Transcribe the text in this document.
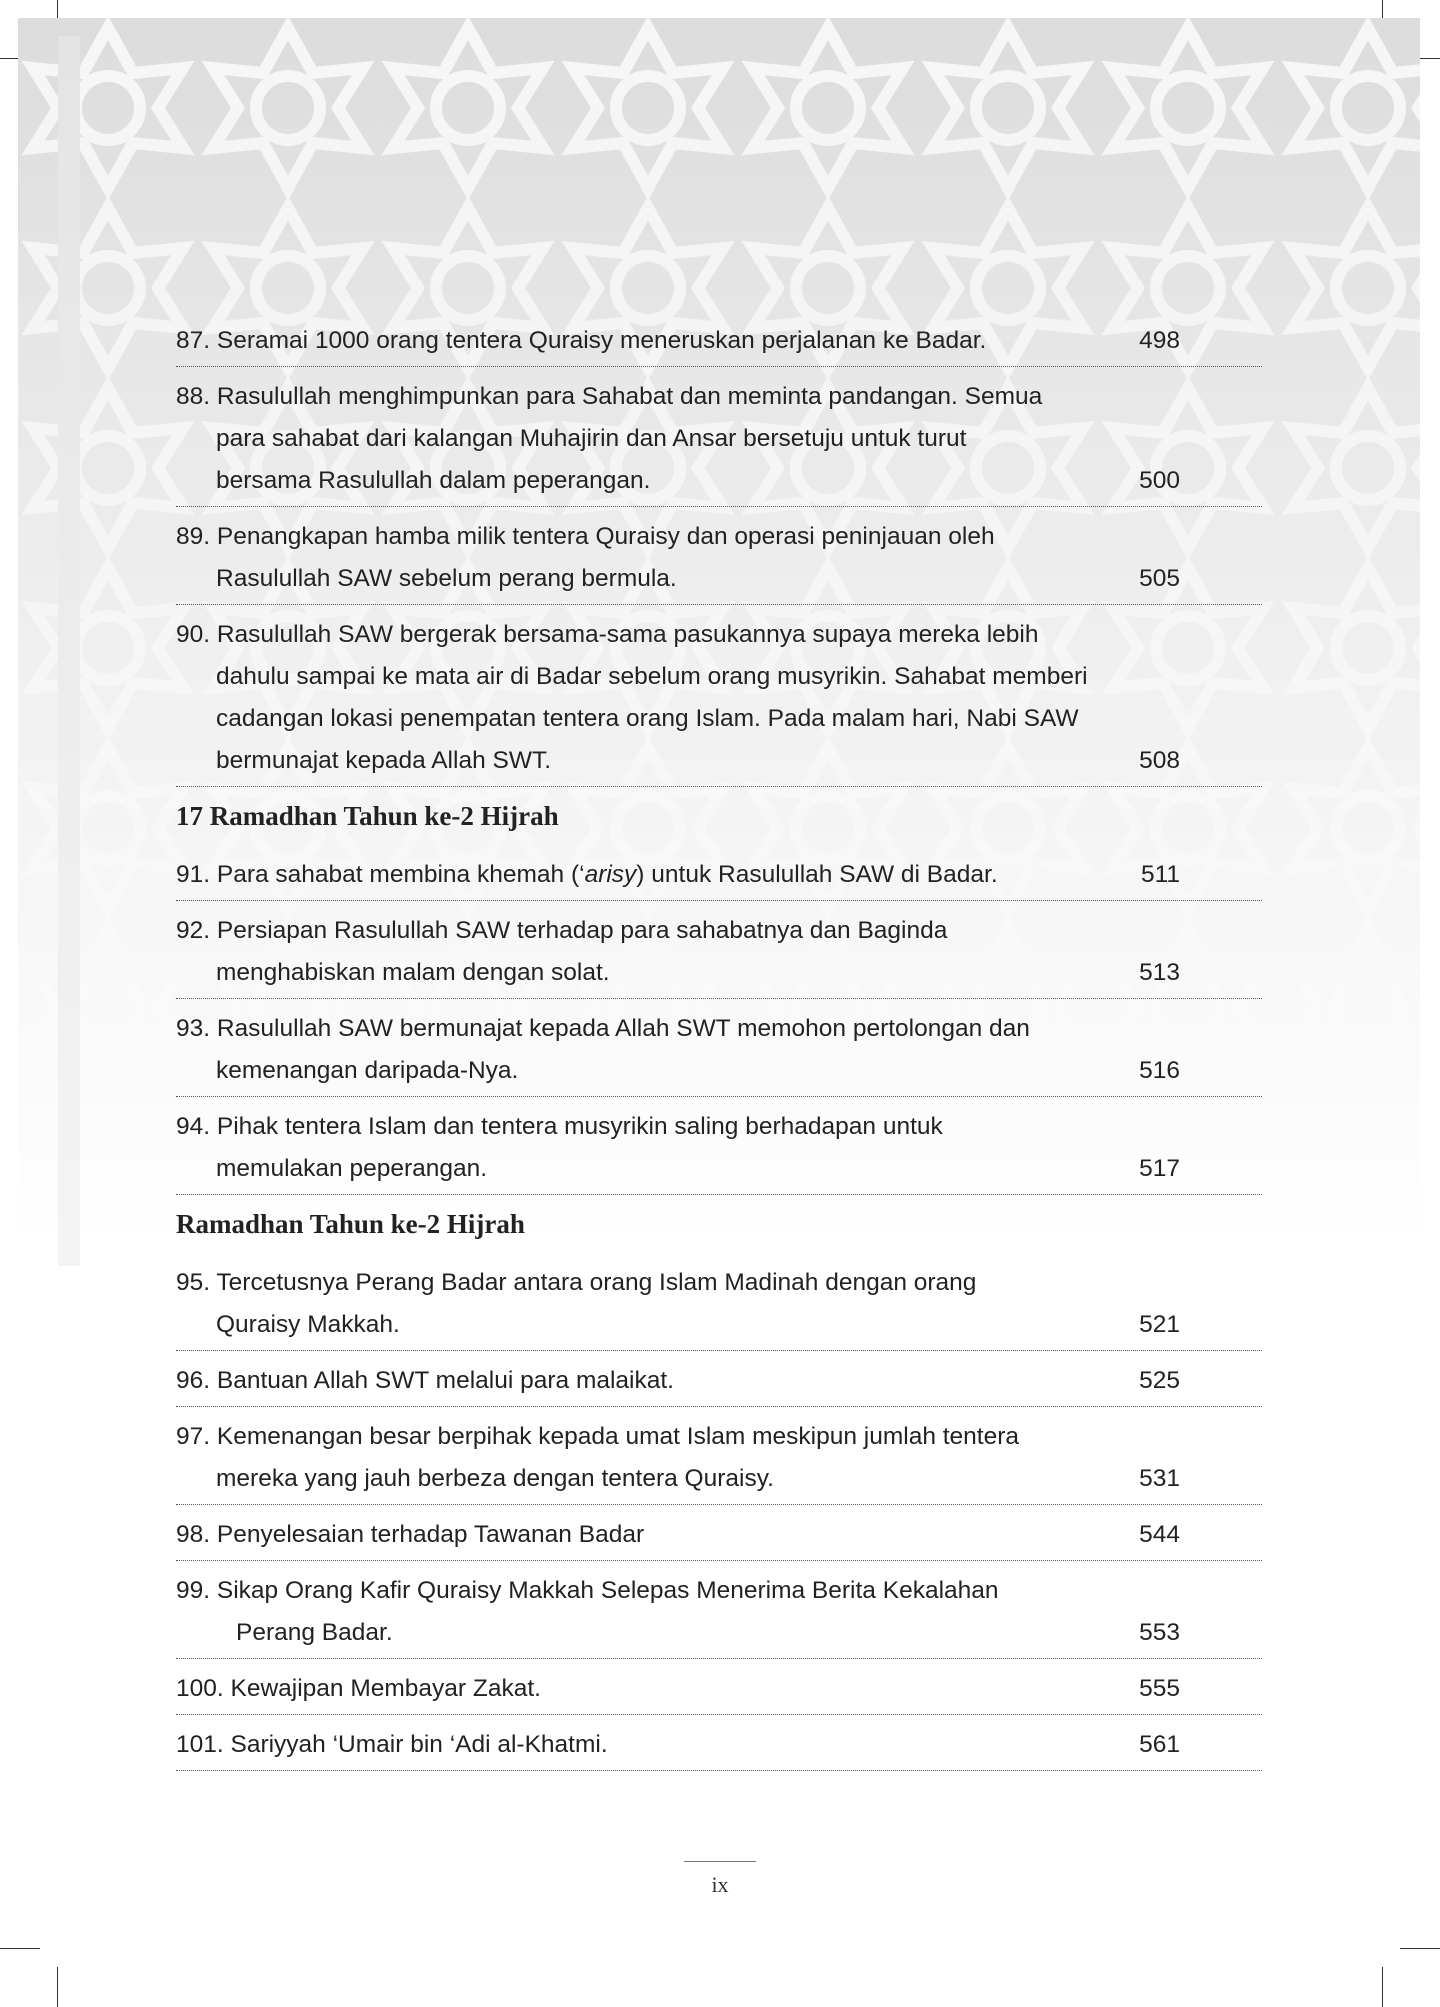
87. Seramai 1000 orang tentera Quraisy meneruskan perjalanan ke Badar.	498
88. Rasulullah menghimpunkan para Sahabat dan meminta pandangan. Semua
para sahabat dari kalangan Muhajirin dan Ansar bersetuju untuk turut
bersama Rasulullah dalam peperangan.	500
89. Penangkapan hamba milik tentera Quraisy dan operasi peninjauan oleh
Rasulullah SAW sebelum perang bermula.	505
90. Rasulullah SAW bergerak bersama-sama pasukannya supaya mereka lebih
dahulu sampai ke mata air di Badar sebelum orang musyrikin. Sahabat memberi
cadangan lokasi penempatan tentera orang Islam. Pada malam hari, Nabi SAW
bermunajat kepada Allah SWT.	508
17 Ramadhan Tahun ke-2 Hijrah
91. Para sahabat membina khemah (‘arisy) untuk Rasulullah SAW di Badar.	511
92. Persiapan Rasulullah SAW terhadap para sahabatnya dan Baginda
menghabiskan malam dengan solat.	513
93. Rasulullah SAW bermunajat kepada Allah SWT memohon pertolongan dan
kemenangan daripada-Nya.	516
94. Pihak tentera Islam dan tentera musyrikin saling berhadapan untuk
memulakan peperangan.	517
Ramadhan Tahun ke-2 Hijrah
95. Tercetusnya Perang Badar antara orang Islam Madinah dengan orang
Quraisy Makkah.	521
96. Bantuan Allah SWT melalui para malaikat.	525
97. Kemenangan besar berpihak kepada umat Islam meskipun jumlah tentera
mereka yang jauh berbeza dengan tentera Quraisy.	531
98. Penyelesaian terhadap Tawanan Badar	544
99. Sikap Orang Kafir Quraisy Makkah Selepas Menerima Berita Kekalahan
Perang Badar.	553
100. Kewajipan Membayar Zakat.	555
101. Sariyyah ‘Umair bin ‘Adi al-Khatmi.	561
ix
